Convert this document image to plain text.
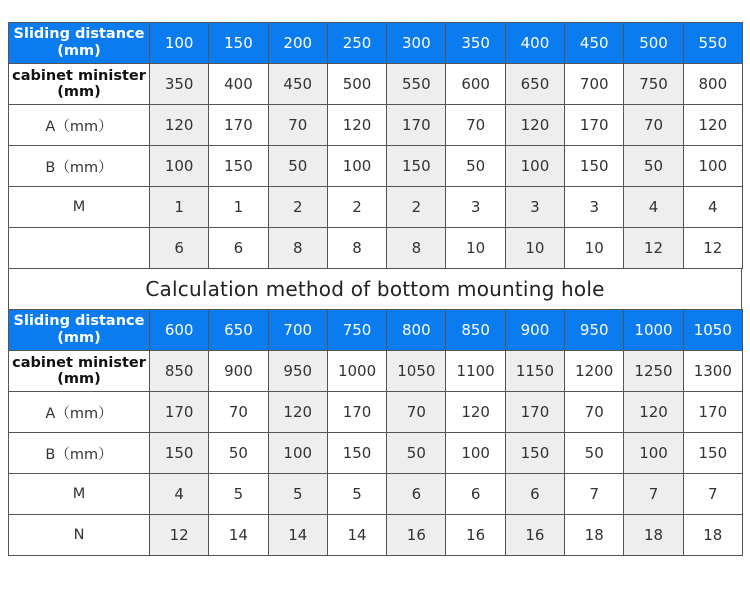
Sliding distance
(mm)	100	150	200	250	300	350	400	450	500	550

cabinet minister
(mm)	350	400	450	500	550	600	650	700	750	800

A（mm）	120	170	70	120	170	70	120	170	70	120

B（mm）	100	150	50	100	150	50	100	150	50	100

M	1	1	2	2	2	3	3	3	4	4

	6	6	8	8	8	10	10	10	12	12
Calculation method of bottom mounting hole
Sliding distance
(mm)	600	650	700	750	800	850	900	950	1000	1050

cabinet minister
(mm)	850	900	950	1000	1050	1100	1150	1200	1250	1300

A（mm）	170	70	120	170	70	120	170	70	120	170

B（mm）	150	50	100	150	50	100	150	50	100	150

M	4	5	5	5	6	6	6	7	7	7

N	12	14	14	14	16	16	16	18	18	18
